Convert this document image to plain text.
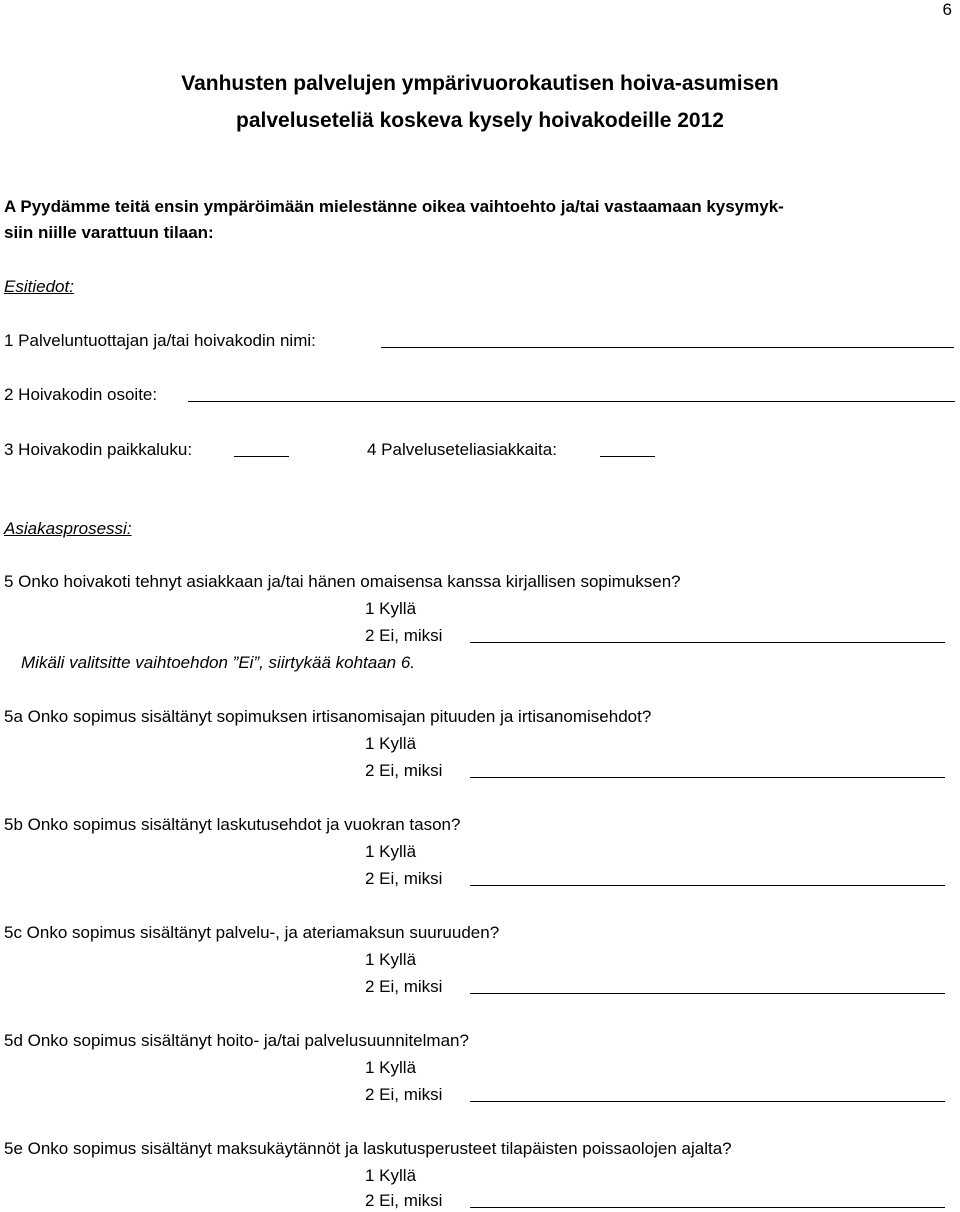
6
Vanhusten palvelujen ympärivuorokautisen hoiva-asumisen
palveluseteliä koskeva kysely hoivakodeille 2012
A Pyydämme teitä ensin ympäröimään mielestänne oikea vaihtoehto ja/tai vastaamaan kysymyk-
siin niille varattuun tilaan:
Esitiedot:
1 Palveluntuottajan ja/tai hoivakodin nimi:
2 Hoivakodin osoite:
3 Hoivakodin paikkaluku:	4 Palveluseteliasiakkaita:
Asiakasprosessi:
5 Onko hoivakoti tehnyt asiakkaan ja/tai hänen omaisensa kanssa kirjallisen sopimuksen?
1 Kyllä
2 Ei, miksi
Mikäli valitsitte vaihtoehdon ”Ei”, siirtykää kohtaan 6.
5a Onko sopimus sisältänyt sopimuksen irtisanomisajan pituuden ja irtisanomisehdot?
1 Kyllä
2 Ei, miksi
5b Onko sopimus sisältänyt laskutusehdot ja vuokran tason?
1 Kyllä
2 Ei, miksi
5c Onko sopimus sisältänyt palvelu-, ja ateriamaksun suuruuden?
1 Kyllä
2 Ei, miksi
5d Onko sopimus sisältänyt hoito- ja/tai palvelusuunnitelman?
1 Kyllä
2 Ei, miksi
5e Onko sopimus sisältänyt maksukäytännöt ja laskutusperusteet tilapäisten poissaolojen ajalta?
1 Kyllä
2 Ei, miksi
